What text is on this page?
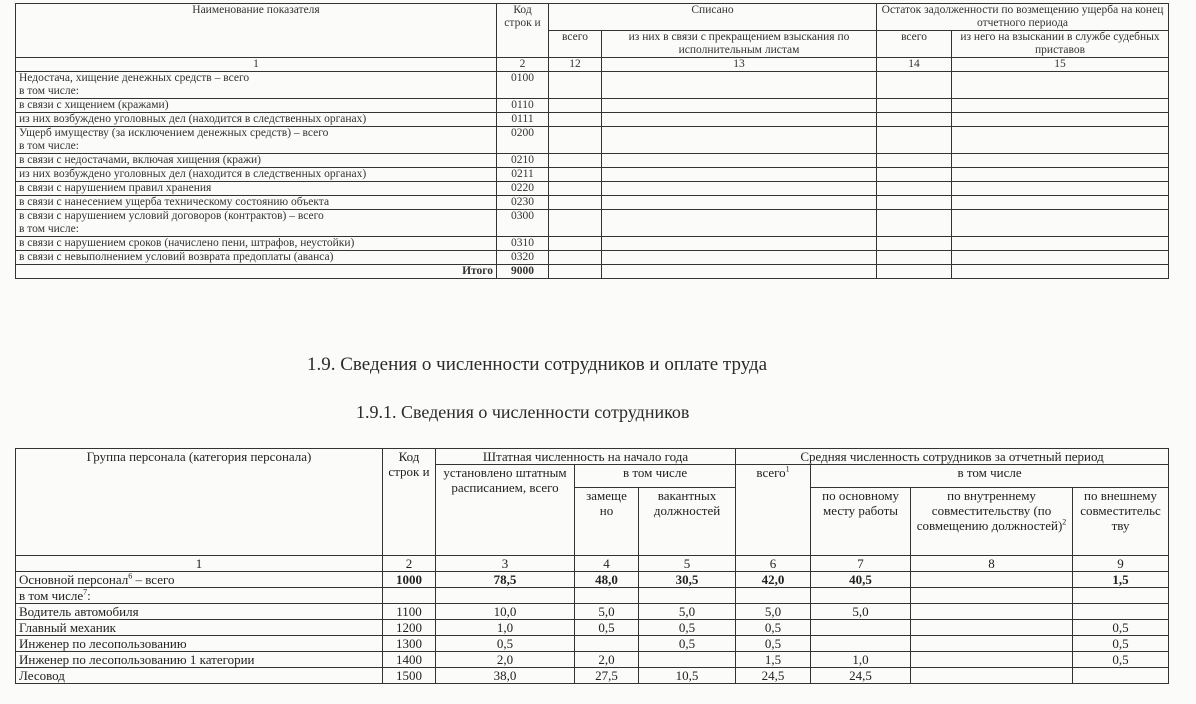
Наименование показателя	Код строк и	Списано		Остаток задолженности по возмещению ущерба на конец отчетного периода	
		всего	из них в связи с прекращением взыскания по исполнительным листам	всего	из него на взыскании в службе судебных приставов
1	2	12	13	14	15

Недостача, хищение денежных средств – всего
в том числе:	0100				
в связи с хищением (кражами)	0110				
из них возбуждено уголовных дел (находится в следственных органах)	0111				

Ущерб имуществу (за исключением денежных средств) – всего
в том числе:	0200				
в связи с недостачами, включая хищения (кражи)	0210				
из них возбуждено уголовных дел (находится в следственных органах)	0211				
в связи с нарушением правил хранения	0220				
в связи с нанесением ущерба техническому состоянию объекта	0230				

в связи с нарушением условий договоров (контрактов) – всего
в том числе:	0300				
в связи с нарушением сроков (начислено пени, штрафов, неустойки)	0310				
в связи с невыполнением условий возврата предоплаты (аванса)	0320				
Итого	9000				
1.9. Сведения о численности сотрудников и оплате труда
1.9.1. Сведения о численности сотрудников
Группа персонала (категория персонала)	Код строк и	Штатная численность на начало года			Средняя численность сотрудников за отчетный период			
		установлено штатным расписанием, всего	в том числе		всего$^1$	в том числе		
			замеще но	вакантных должностей		по основному месту работы	по внутреннему совместительству (по совмещению должностей)$^2$	по внешнему совместительс тву
1	2	3	4	5	6	7	8	9
Основной персонал$^6$ – всего	1000	78,5	48,0	30,5	42,0	40,5		1,5
в том числе$^7$:								
Водитель автомобиля	1100	10,0	5,0	5,0	5,0	5,0		
Главный механик	1200	1,0	0,5	0,5	0,5			0,5
Инженер по лесопользованию	1300	0,5		0,5	0,5			0,5
Инженер по лесопользованию 1 категории	1400	2,0	2,0		1,5	1,0		0,5
Лесовод	1500	38,0	27,5	10,5	24,5	24,5		
